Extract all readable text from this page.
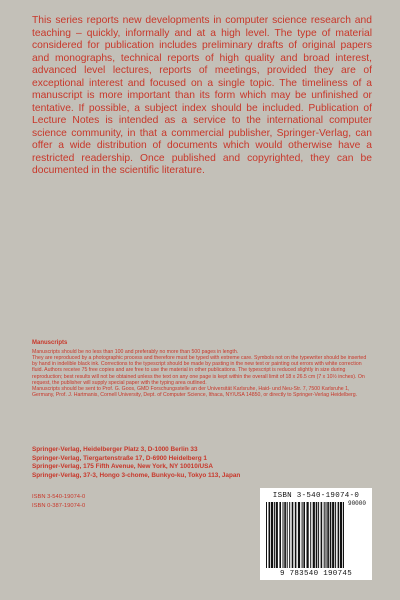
This series reports new developments in computer science research and teaching – quickly, informally and at a high level. The type of material considered for publication includes preliminary drafts of original papers and monographs, technical reports of high quality and broad interest, advanced level lectures, reports of meetings, provided they are of exceptional interest and focused on a single topic. The timeliness of a manuscript is more important than its form which may be unfinished or tentative. If possible, a subject index should be included. Publication of Lecture Notes is intended as a service to the international computer science community, in that a commercial publisher, Springer-Verlag, can offer a wide distribution of documents which would otherwise have a restricted readership. Once published and copyrighted, they can be documented in the scientific literature.
Manuscripts

Manuscripts should be no less than 100 and preferably no more than 500 pages in length.

They are reproduced by a photographic process and therefore must be typed with extreme care. Symbols not on the typewriter should be inserted by hand in indelible black ink. Corrections to the typescript should be made by pasting in the new text or painting out errors with white correction fluid. Authors receive 75 free copies and are free to use the material in other publications. The typescript is reduced slightly in size during reproduction; best results will not be obtained unless the text on any one page is kept within the overall limit of 18 x 26.5 cm (7 x 10½ inches). On request, the publisher will supply special paper with the typing area outlined.

Manuscripts should be sent to Prof. G. Goos, GMD Forschungsstelle an der Universität Karlsruhe, Haid- und Neu-Str. 7, 7500 Karlsruhe 1, Germany, Prof. J. Hartmanis, Cornell University, Dept. of Computer Science, Ithaca, NY/USA 14850, or directly to Springer-Verlag Heidelberg.

Springer-Verlag, Heidelberger Platz 3, D-1000 Berlin 33
Springer-Verlag, Tiergartenstraße 17, D-6900 Heidelberg 1
Springer-Verlag, 175 Fifth Avenue, New York, NY 10010/USA
Springer-Verlag, 37-3, Hongo 3-chome, Bunkyo-ku, Tokyo 113, Japan
ISBN 3-540-19074-0
ISBN 0-387-19074-0
ISBN 3-540-19074-0
90000
9 783540 190745
